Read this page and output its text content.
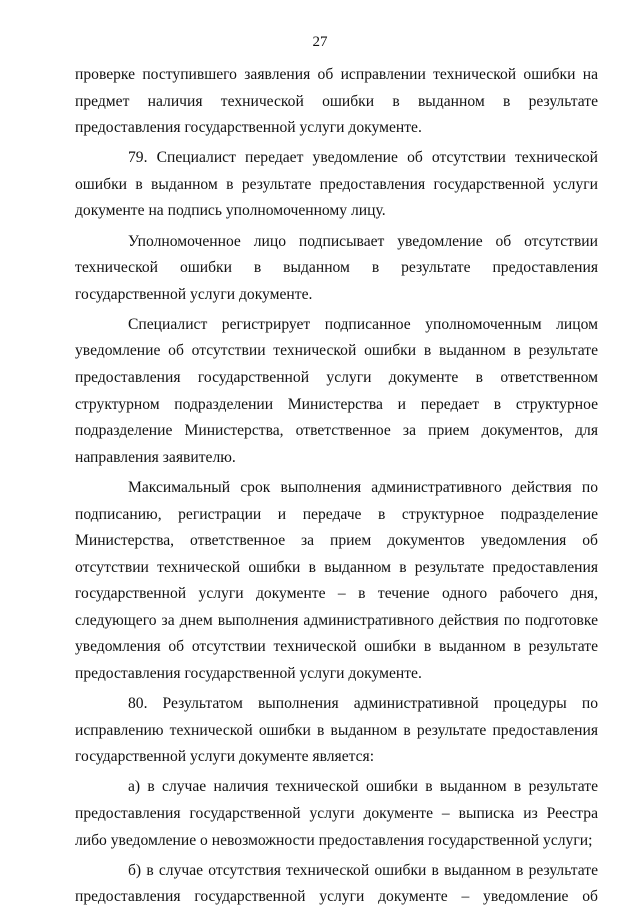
27

проверке поступившего заявления об исправлении технической ошибки на предмет наличия технической ошибки в выданном в результате предоставления государственной услуги документе.

79. Специалист передает уведомление об отсутствии технической ошибки в выданном в результате предоставления государственной услуги документе на подпись уполномоченному лицу.

Уполномоченное лицо подписывает уведомление об отсутствии технической ошибки в выданном в результате предоставления государственной услуги документе.

Специалист регистрирует подписанное уполномоченным лицом уведомление об отсутствии технической ошибки в выданном в результате предоставления государственной услуги документе в ответственном структурном подразделении Министерства и передает в структурное подразделение Министерства, ответственное за прием документов, для направления заявителю.

Максимальный срок выполнения административного действия по подписанию, регистрации и передаче в структурное подразделение Министерства, ответственное за прием документов уведомления об отсутствии технической ошибки в выданном в результате предоставления государственной услуги документе – в течение одного рабочего дня, следующего за днем выполнения административного действия по подготовке уведомления об отсутствии технической ошибки в выданном в результате предоставления государственной услуги документе.

80. Результатом выполнения административной процедуры по исправлению технической ошибки в выданном в результате предоставления государственной услуги документе является:

а) в случае наличия технической ошибки в выданном в результате предоставления государственной услуги документе – выписка из Реестра либо уведомление о невозможности предоставления государственной услуги;

б) в случае отсутствия технической ошибки в выданном в результате предоставления государственной услуги документе – уведомление об
